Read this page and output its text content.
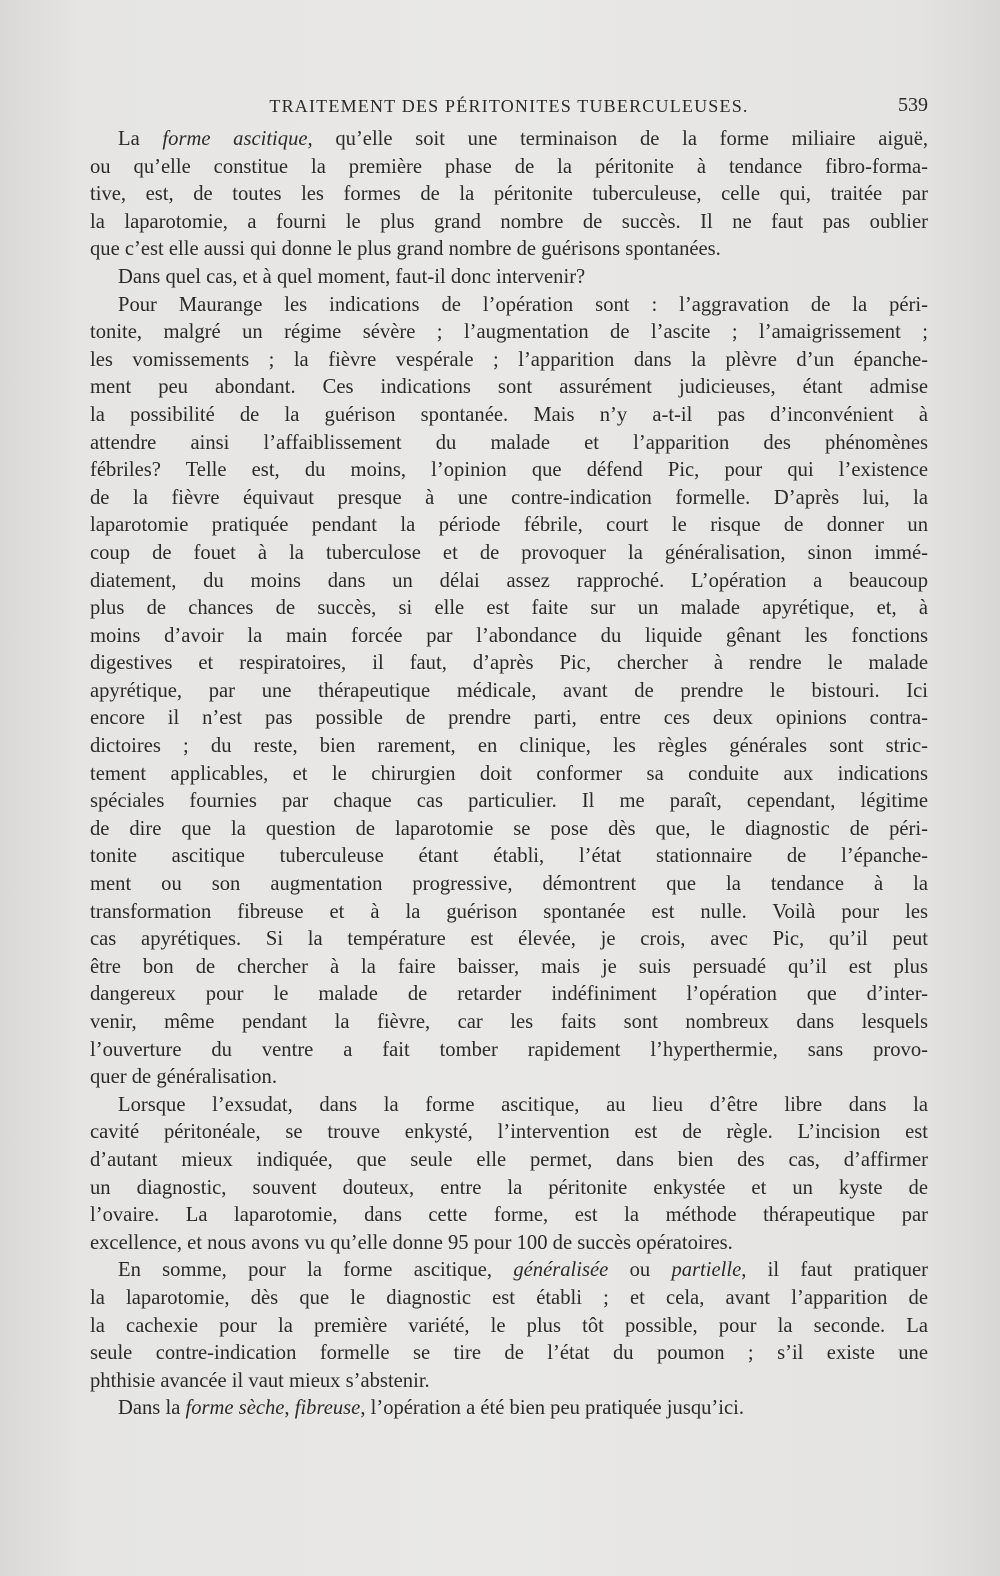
TRAITEMENT DES PÉRITONITES TUBERCULEUSES.	539
La forme ascitique, qu’elle soit une terminaison de la forme miliaire aiguë,
ou qu’elle constitue la première phase de la péritonite à tendance fibro-forma-
tive, est, de toutes les formes de la péritonite tuberculeuse, celle qui, traitée par
la laparotomie, a fourni le plus grand nombre de succès. Il ne faut pas oublier
que c’est elle aussi qui donne le plus grand nombre de guérisons spontanées.
Dans quel cas, et à quel moment, faut-il donc intervenir?
Pour Maurange les indications de l’opération sont : l’aggravation de la péri-
tonite, malgré un régime sévère ; l’augmentation de l’ascite ; l’amaigrissement ;
les vomissements ; la fièvre vespérale ; l’apparition dans la plèvre d’un épanche-
ment peu abondant. Ces indications sont assurément judicieuses, étant admise
la possibilité de la guérison spontanée. Mais n’y a-t-il pas d’inconvénient à
attendre ainsi l’affaiblissement du malade et l’apparition des phénomènes
fébriles? Telle est, du moins, l’opinion que défend Pic, pour qui l’existence
de la fièvre équivaut presque à une contre-indication formelle. D’après lui, la
laparotomie pratiquée pendant la période fébrile, court le risque de donner un
coup de fouet à la tuberculose et de provoquer la généralisation, sinon immé-
diatement, du moins dans un délai assez rapproché. L’opération a beaucoup
plus de chances de succès, si elle est faite sur un malade apyrétique, et, à
moins d’avoir la main forcée par l’abondance du liquide gênant les fonctions
digestives et respiratoires, il faut, d’après Pic, chercher à rendre le malade
apyrétique, par une thérapeutique médicale, avant de prendre le bistouri. Ici
encore il n’est pas possible de prendre parti, entre ces deux opinions contra-
dictoires ; du reste, bien rarement, en clinique, les règles générales sont stric-
tement applicables, et le chirurgien doit conformer sa conduite aux indications
spéciales fournies par chaque cas particulier. Il me paraît, cependant, légitime
de dire que la question de laparotomie se pose dès que, le diagnostic de péri-
tonite ascitique tuberculeuse étant établi, l’état stationnaire de l’épanche-
ment ou son augmentation progressive, démontrent que la tendance à la
transformation fibreuse et à la guérison spontanée est nulle. Voilà pour les
cas apyrétiques. Si la température est élevée, je crois, avec Pic, qu’il peut
être bon de chercher à la faire baisser, mais je suis persuadé qu’il est plus
dangereux pour le malade de retarder indéfiniment l’opération que d’inter-
venir, même pendant la fièvre, car les faits sont nombreux dans lesquels
l’ouverture du ventre a fait tomber rapidement l’hyperthermie, sans provo-
quer de généralisation.
Lorsque l’exsudat, dans la forme ascitique, au lieu d’être libre dans la
cavité péritonéale, se trouve enkysté, l’intervention est de règle. L’incision est
d’autant mieux indiquée, que seule elle permet, dans bien des cas, d’affirmer
un diagnostic, souvent douteux, entre la péritonite enkystée et un kyste de
l’ovaire. La laparotomie, dans cette forme, est la méthode thérapeutique par
excellence, et nous avons vu qu’elle donne 95 pour 100 de succès opératoires.
En somme, pour la forme ascitique, généralisée ou partielle, il faut pratiquer
la laparotomie, dès que le diagnostic est établi ; et cela, avant l’apparition de
la cachexie pour la première variété, le plus tôt possible, pour la seconde. La
seule contre-indication formelle se tire de l’état du poumon ; s’il existe une
phthisie avancée il vaut mieux s’abstenir.
Dans la forme sèche, fibreuse, l’opération a été bien peu pratiquée jusqu’ici.
